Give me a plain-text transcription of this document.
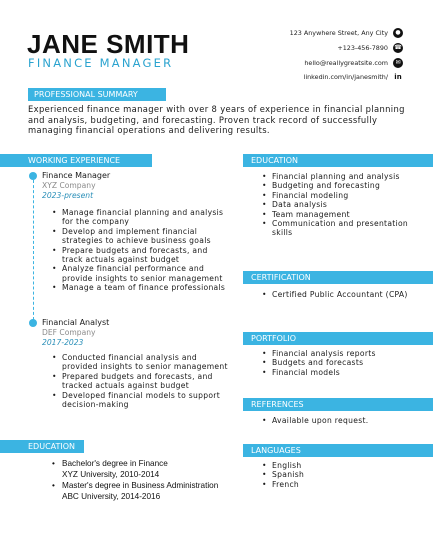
JANE SMITH
FINANCE MANAGER
123 Anywhere Street, Any City	●
+123-456-7890 ☎
hello@reallygreatsite.com	✉
linkedin.com/in/janesmith/ in
PROFESSIONAL SUMMARY
Experienced finance manager with over 8 years of experience in financial planning and analysis, budgeting, and forecasting. Proven track record of successfully managing financial operations and delivering results.
WORKING EXPERIENCE
Finance Manager
XYZ Company
2023-present
• Manage financial planning and analysis for the company
• Develop and implement financial strategies to achieve business goals
• Prepare budgets and forecasts, and track actuals against budget
• Analyze financial performance and provide insights to senior management
• Manage a team of finance professionals
Financial Analyst
DEF Company
2017-2023
• Conducted financial analysis and provided insights to senior management
• Prepared budgets and forecasts, and tracked actuals against budget
• Developed financial models to support decision-making
EDUCATION
• Bachelor's degree in Finance
XYZ University, 2010-2014
• Master's degree in Business Administration
ABC University, 2014-2016
EDUCATION
• Financial planning and analysis
• Budgeting and forecasting
• Financial modeling
• Data analysis
• Team management
• Communication and presentation skills
CERTIFICATION
• Certified Public Accountant (CPA)
PORTFOLIO
• Financial analysis reports
• Budgets and forecasts
• Financial models
REFERENCES
• Available upon request.
LANGUAGES
• English
• Spanish
• French
